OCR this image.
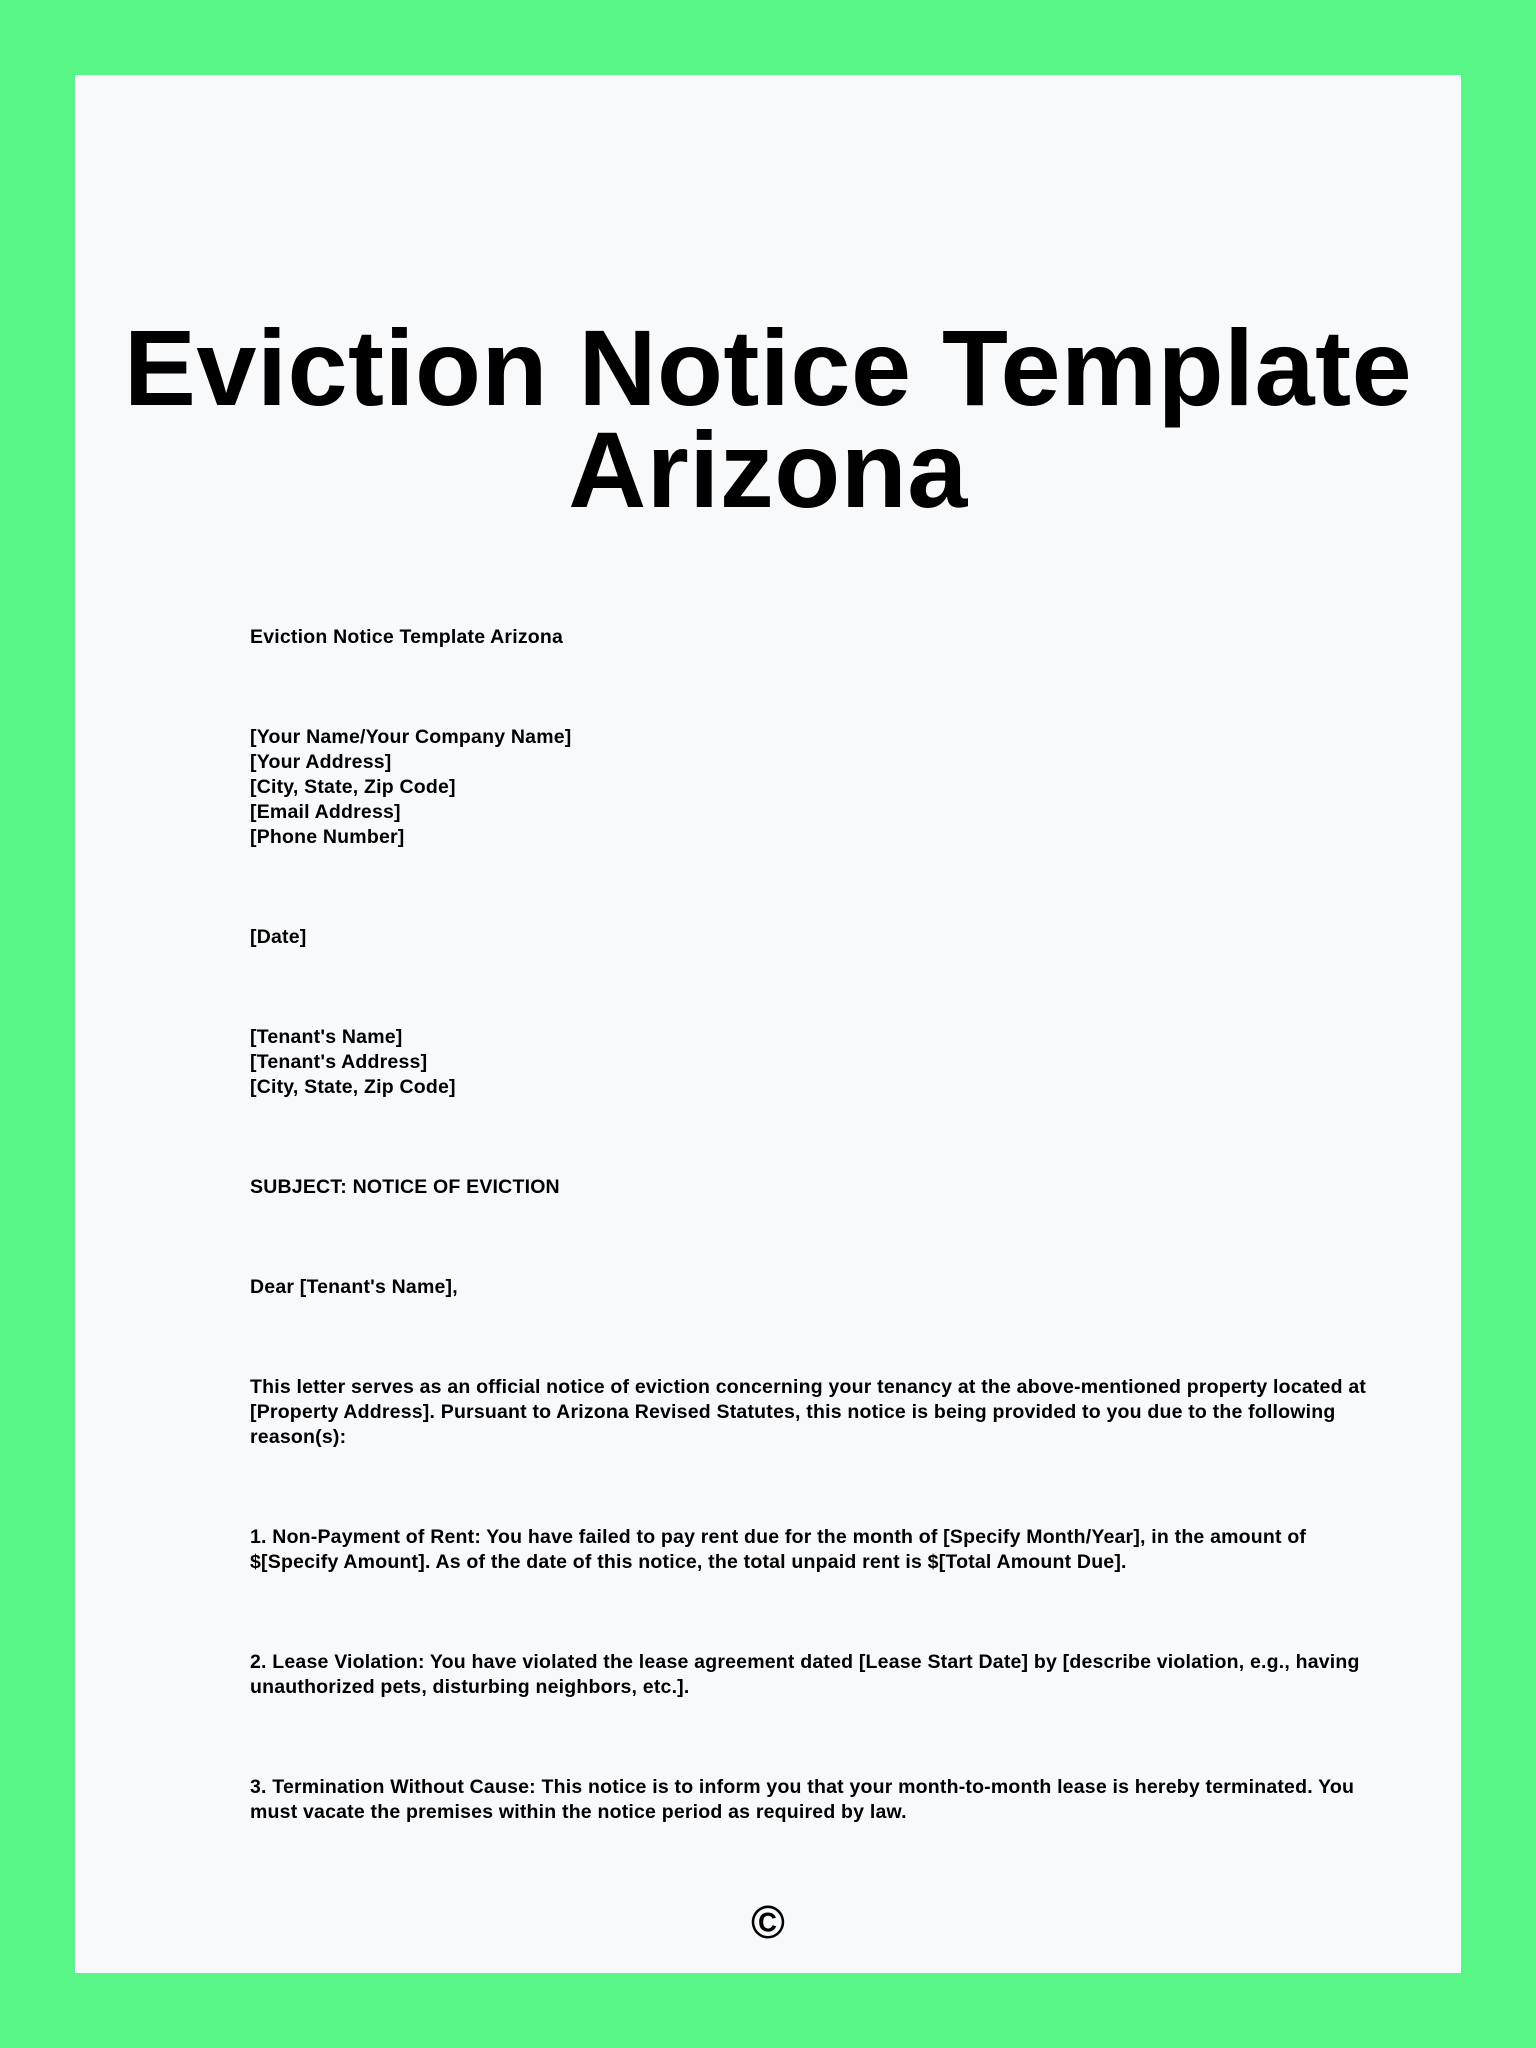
Eviction Notice Template
Arizona
Eviction Notice Template Arizona
[Your Name/Your Company Name]
[Your Address]
[City, State, Zip Code]
[Email Address]
[Phone Number]
[Date]
[Tenant's Name]
[Tenant's Address]
[City, State, Zip Code]
SUBJECT: NOTICE OF EVICTION
Dear [Tenant's Name],
This letter serves as an official notice of eviction concerning your tenancy at the above-mentioned property located at [Property Address]. Pursuant to Arizona Revised Statutes, this notice is being provided to you due to the following reason(s):
1. Non-Payment of Rent: You have failed to pay rent due for the month of [Specify Month/Year], in the amount of $[Specify Amount]. As of the date of this notice, the total unpaid rent is $[Total Amount Due].
2. Lease Violation: You have violated the lease agreement dated [Lease Start Date] by [describe violation, e.g., having unauthorized pets, disturbing neighbors, etc.].
3. Termination Without Cause: This notice is to inform you that your month-to-month lease is hereby terminated. You must vacate the premises within the notice period as required by law.
©
